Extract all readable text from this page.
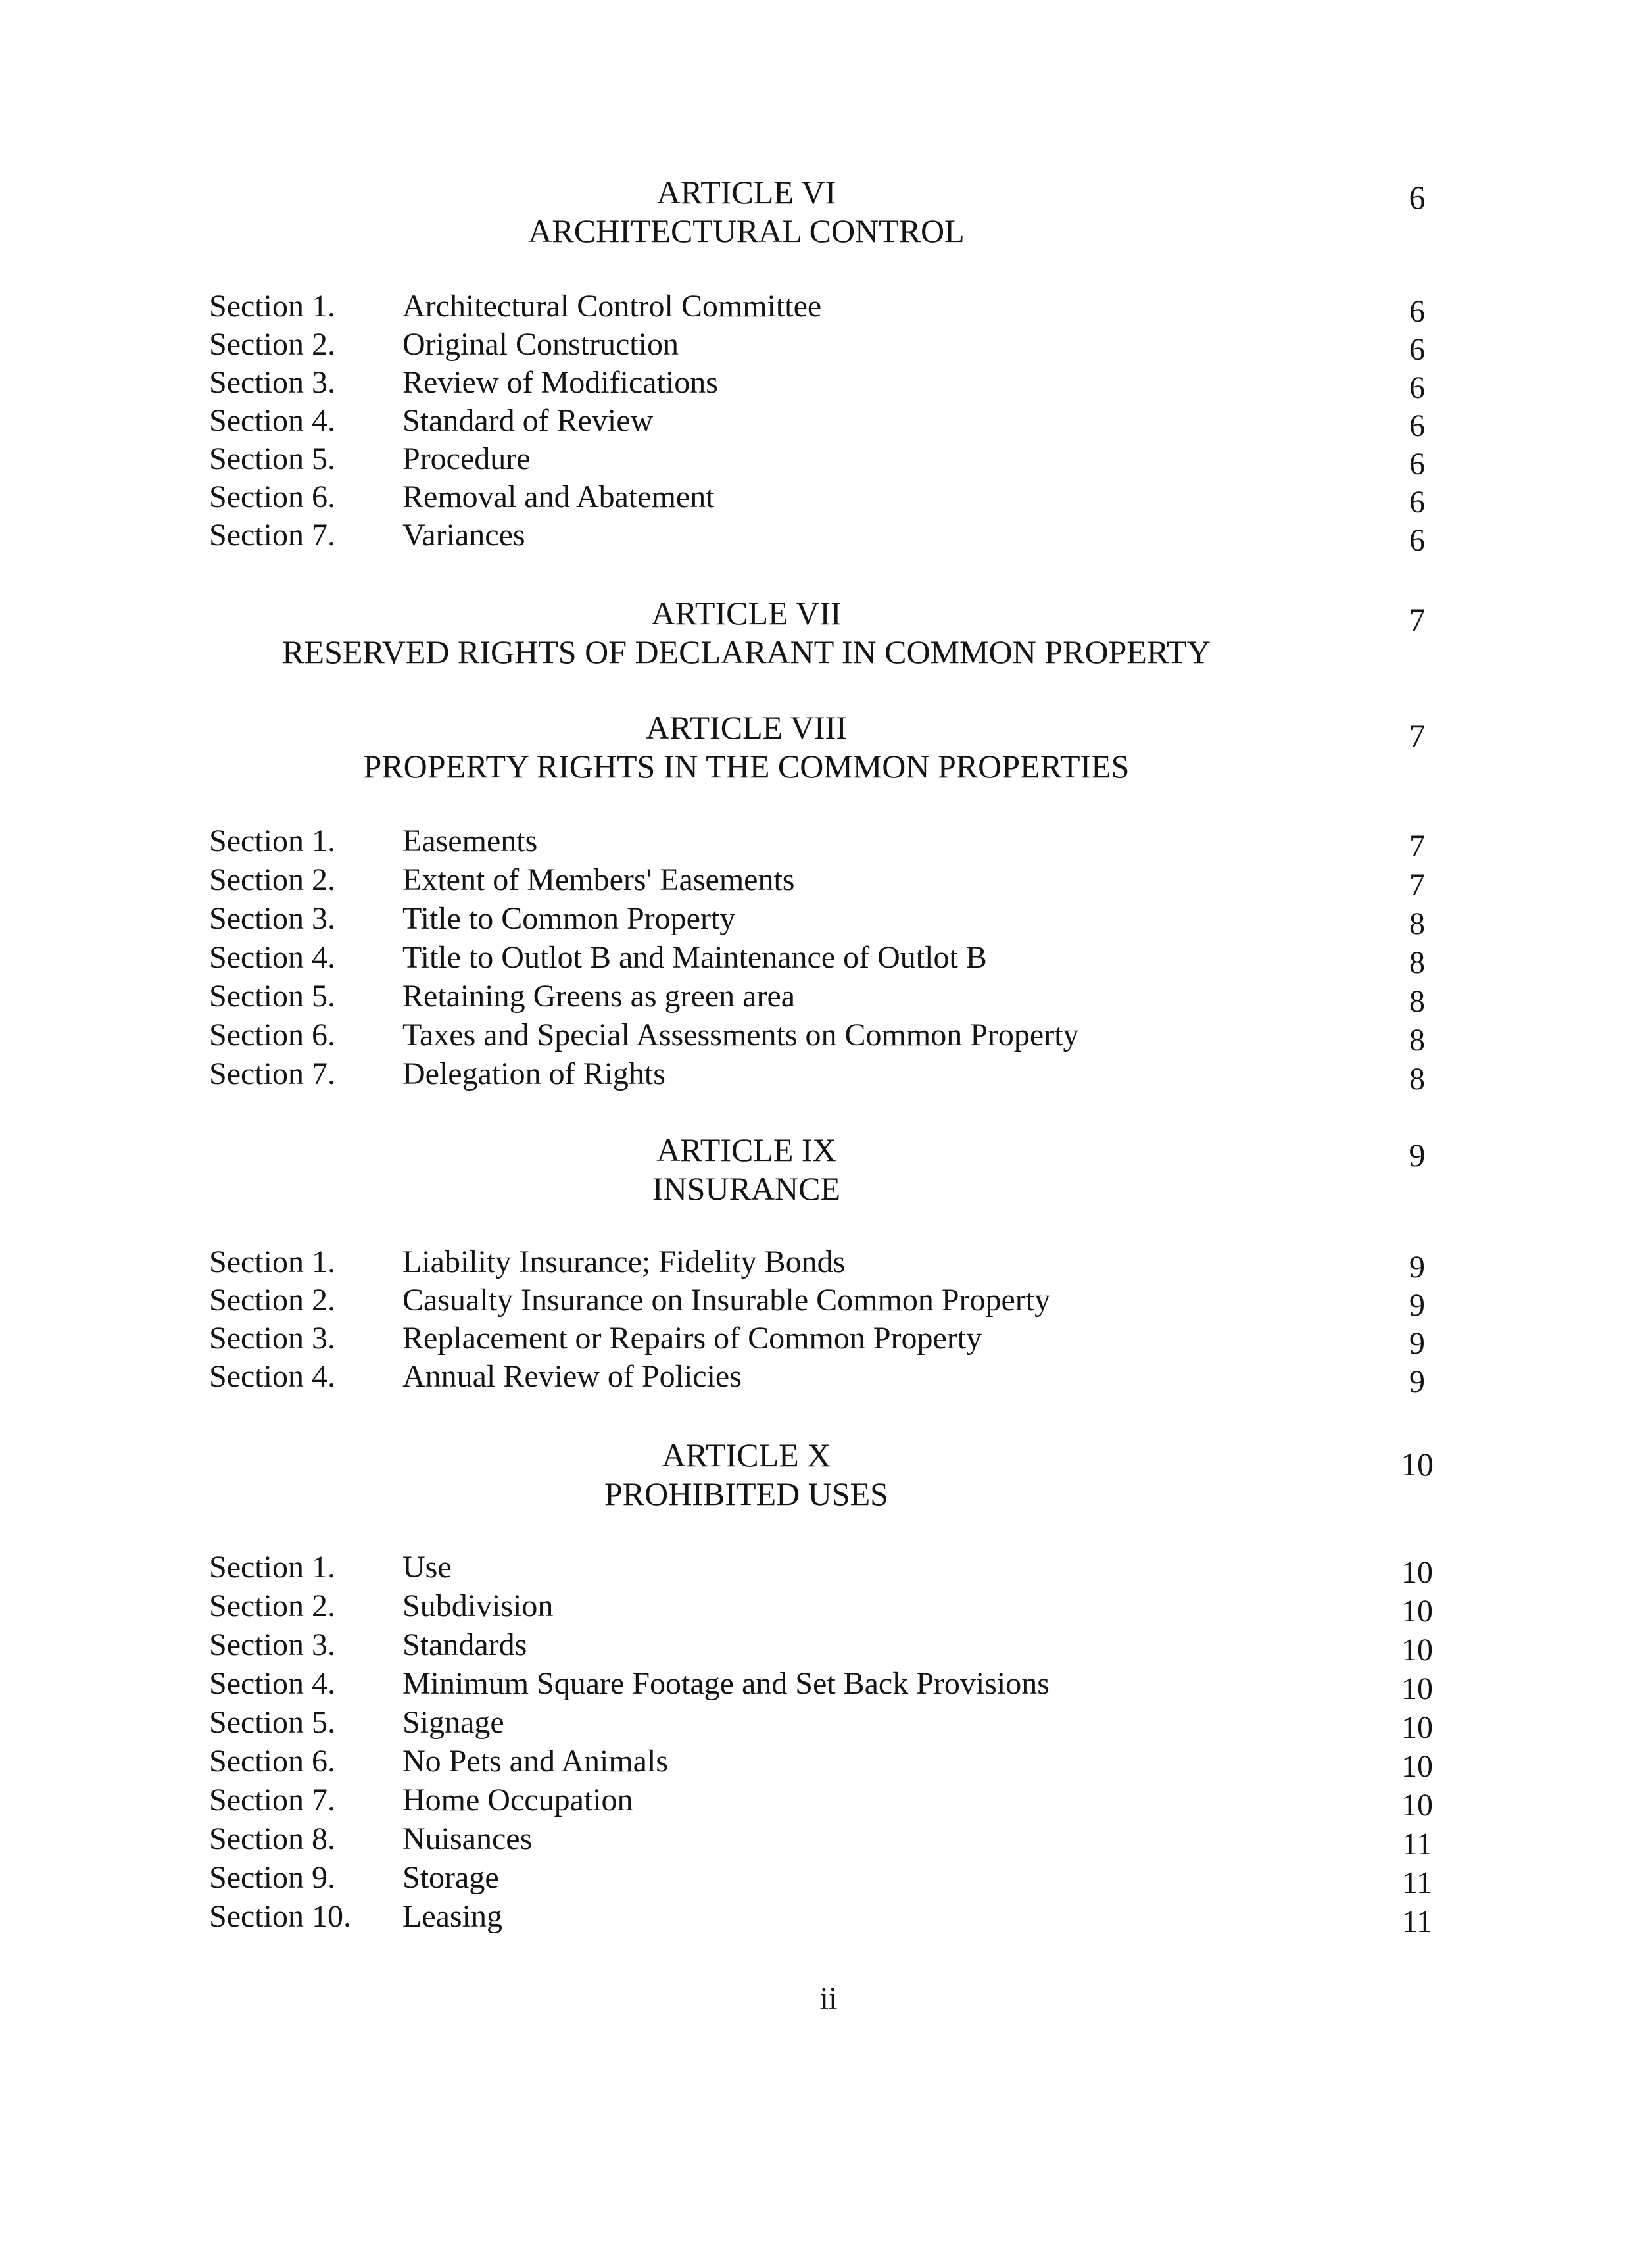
ARTICLE VI	6
ARCHITECTURAL CONTROL
Section 1. Architectural Control Committee	6
Section 2. Original Construction	6
Section 3. Review of Modifications	6
Section 4. Standard of Review	6
Section 5. Procedure	6
Section 6. Removal and Abatement	6
Section 7. Variances	6
ARTICLE VII	7
RESERVED RIGHTS OF DECLARANT IN COMMON PROPERTY
ARTICLE VIII	7
PROPERTY RIGHTS IN THE COMMON PROPERTIES
Section 1. Easements	7
Section 2. Extent of Members' Easements	7
Section 3. Title to Common Property	8
Section 4. Title to Outlot B and Maintenance of Outlot B	8
Section 5. Retaining Greens as green area	8
Section 6. Taxes and Special Assessments on Common Property	8
Section 7. Delegation of Rights	8
ARTICLE IX	9
INSURANCE
Section 1. Liability Insurance; Fidelity Bonds	9
Section 2. Casualty Insurance on Insurable Common Property	9
Section 3. Replacement or Repairs of Common Property	9
Section 4. Annual Review of Policies	9
ARTICLE X	10
PROHIBITED USES
Section 1. Use	10
Section 2. Subdivision	10
Section 3. Standards	10
Section 4. Minimum Square Footage and Set Back Provisions	10
Section 5. Signage	10
Section 6. No Pets and Animals	10
Section 7. Home Occupation	10
Section 8. Nuisances	11
Section 9. Storage	11
Section 10. Leasing	11
ii
